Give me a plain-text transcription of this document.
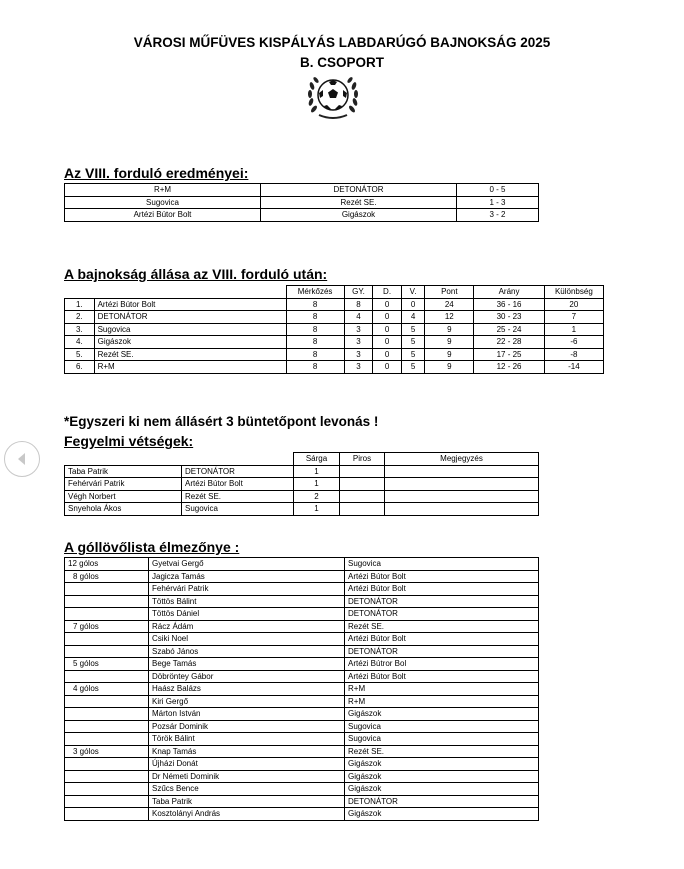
VÁROSI MŰFÜVES KISPÁLYÁS LABDARÚGÓ BAJNOKSÁG 2025
B. CSOPORT
Az VIII. forduló eredményei:
R+M	DETONÁTOR	0 - 5
Sugovica	Rezét SE.	1 - 3
Artézi Bútor Bolt	Gigászok	3 - 2
A bajnokság állása az VIII. forduló után:
		Mérkőzés	GY.	D.	V.	Pont	Arány	Különbség
1.	Artézi Bútor Bolt	8	8	0	0	24	36 - 16	20
2.	DETONÁTOR	8	4	0	4	12	30 - 23	7
3.	Sugovica	8	3	0	5	9	25 - 24	1
4.	Gigászok	8	3	0	5	9	22 - 28	-6
5.	Rezét SE.	8	3	0	5	9	17 - 25	-8
6.	R+M	8	3	0	5	9	12 - 26	-14
*Egyszeri ki nem állásért 3 büntetőpont levonás !
Fegyelmi vétségek:
		Sárga	Piros	Megjegyzés
Taba Patrik	DETONÁTOR	1		
Fehérvári Patrik	Artézi Bútor Bolt	1		
Végh Norbert	Rezét SE.	2		
Snyehola Ákos	Sugovica	1		
A góllövőlista élmezőnye :
12 gólos	Gyetvai Gergő	Sugovica
8 gólos	Jagicza Tamás	Artézi Bútor Bolt
	Fehérvári Patrik	Artézi Bútor Bolt
	Töttös Bálint	DETONÁTOR
	Töttös Dániel	DETONÁTOR
7 gólos	Rácz Ádám	Rezét SE.
	Csiki Noel	Artézi Bútor Bolt
	Szabó János	DETONÁTOR
5 gólos	Bege Tamás	Artézi Bútror Bol
	Döbröntey Gábor	Artézi Bútor Bolt
4 gólos	Haász Balázs	R+M
	Kiri Gergő	R+M
	Márton István	Gigászok
	Pozsár Dominik	Sugovica
	Török Bálint	Sugovica
3 gólos	Knap Tamás	Rezét SE.
	Újházi Donát	Gigászok
	Dr Németi Dominik	Gigászok
	Szűcs Bence	Gigászok
	Taba Patrik	DETONÁTOR
	Kosztolányi András	Gigászok
